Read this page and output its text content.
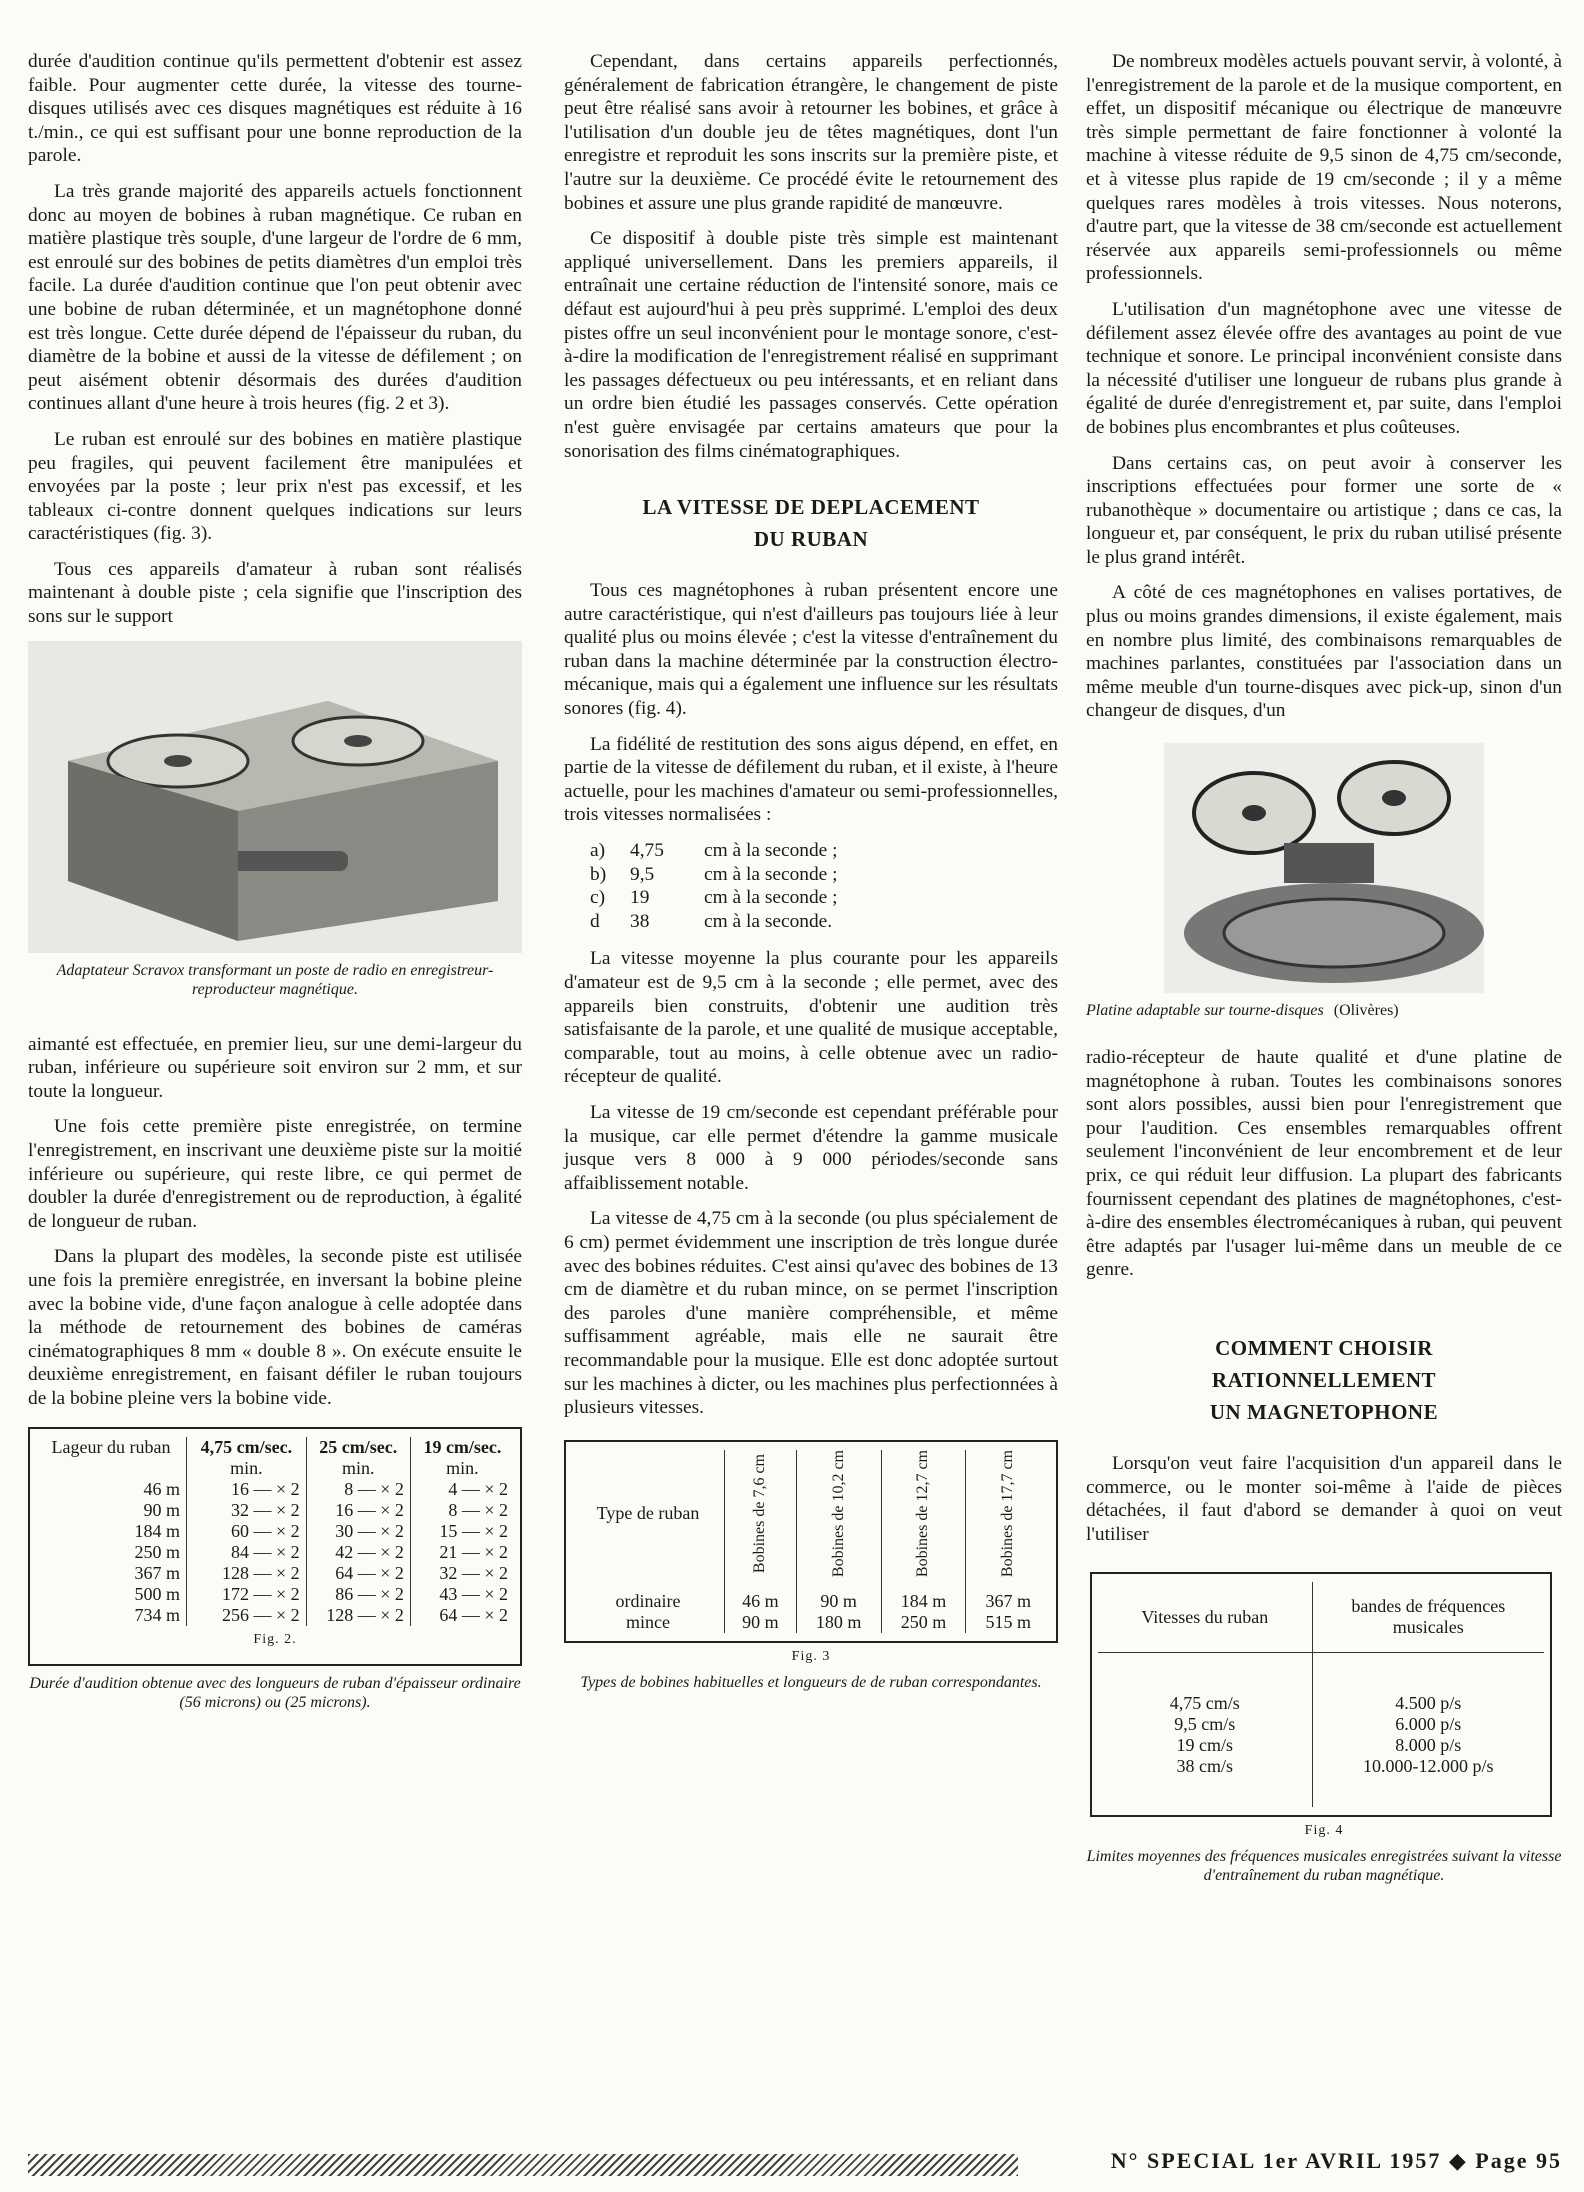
durée d'audition continue qu'ils permettent d'obtenir est assez faible. Pour augmenter cette durée, la vitesse des tourne-disques utilisés avec ces disques magnétiques est réduite à 16 t./min., ce qui est suffisant pour une bonne reproduction de la parole.

La très grande majorité des appareils actuels fonctionnent donc au moyen de bobines à ruban magnétique. Ce ruban en matière plastique très souple, d'une largeur de l'ordre de 6 mm, est enroulé sur des bobines de petits diamètres d'un emploi très facile. La durée d'audition continue que l'on peut obtenir avec une bobine de ruban déterminée, et un magnétophone donné est très longue. Cette durée dépend de l'épaisseur du ruban, du diamètre de la bobine et aussi de la vitesse de défilement ; on peut aisément obtenir désormais des durées d'audition continues allant d'une heure à trois heures (fig. 2 et 3).

Le ruban est enroulé sur des bobines en matière plastique peu fragiles, qui peuvent facilement être manipulées et envoyées par la poste ; leur prix n'est pas excessif, et les tableaux ci-contre donnent quelques indications sur leurs caractéristiques (fig. 3).

Tous ces appareils d'amateur à ruban sont réalisés maintenant à double piste ; cela signifie que l'inscription des sons sur le support

Adaptateur Scravox transformant un poste de radio en enregistreur-reproducteur magnétique.

aimanté est effectuée, en premier lieu, sur une demi-largeur du ruban, inférieure ou supérieure soit environ sur 2 mm, et sur toute la longueur.

Une fois cette première piste enregistrée, on termine l'enregistrement, en inscrivant une deuxième piste sur la moitié inférieure ou supérieure, qui reste libre, ce qui permet de doubler la durée d'enregistrement ou de reproduction, à égalité de longueur de ruban.

Dans la plupart des modèles, la seconde piste est utilisée une fois la première enregistrée, en inversant la bobine pleine avec la bobine vide, d'une façon analogue à celle adoptée dans la méthode de retournement des bobines de caméras cinématographiques 8 mm « double 8 ». On exécute ensuite le deuxième enregistrement, en faisant défiler le ruban toujours de la bobine pleine vers la bobine vide.

Lageur du ruban	4,75 cm/sec.	25 cm/sec.	19 cm/sec.
	min.	min.	min.
46 m	16 — × 2	8 — × 2	4 — × 2
90 m	32 — × 2	16 — × 2	8 — × 2
184 m	60 — × 2	30 — × 2	15 — × 2
250 m	84 — × 2	42 — × 2	21 — × 2
367 m	128 — × 2	64 — × 2	32 — × 2
500 m	172 — × 2	86 — × 2	43 — × 2
734 m	256 — × 2	128 — × 2	64 — × 2
Fig. 2.
Durée d'audition obtenue avec des longueurs de ruban d'épaisseur ordinaire (56 microns) ou (25 microns).

Cependant, dans certains appareils perfectionnés, généralement de fabrication étrangère, le changement de piste peut être réalisé sans avoir à retourner les bobines, et grâce à l'utilisation d'un double jeu de têtes magnétiques, dont l'un enregistre et reproduit les sons inscrits sur la première piste, et l'autre sur la deuxième. Ce procédé évite le retournement des bobines et assure une plus grande rapidité de manœuvre.

Ce dispositif à double piste très simple est maintenant appliqué universellement. Dans les premiers appareils, il entraînait une certaine réduction de l'intensité sonore, mais ce défaut est aujourd'hui à peu près supprimé. L'emploi des deux pistes offre un seul inconvénient pour le montage sonore, c'est-à-dire la modification de l'enregistrement réalisé en supprimant les passages défectueux ou peu intéressants, et en reliant dans un ordre bien étudié les passages conservés. Cette opération n'est guère envisagée par certains amateurs que pour la sonorisation des films cinématographiques.

LA VITESSE DE DEPLACEMENT
DU RUBAN

Tous ces magnétophones à ruban présentent encore une autre caractéristique, qui n'est d'ailleurs pas toujours liée à leur qualité plus ou moins élevée ; c'est la vitesse d'entraînement du ruban dans la machine déterminée par la construction électro-mécanique, mais qui a également une influence sur les résultats sonores (fig. 4).

La fidélité de restitution des sons aigus dépend, en effet, en partie de la vitesse de défilement du ruban, et il existe, à l'heure actuelle, pour les machines d'amateur ou semi-professionnelles, trois vitesses normalisées :

a)	4,75	cm à la seconde ;
b)	9,5	cm à la seconde ;
c)	19	cm à la seconde ;
d	38	cm à la seconde.

La vitesse moyenne la plus courante pour les appareils d'amateur est de 9,5 cm à la seconde ; elle permet, avec des appareils bien construits, d'obtenir une audition très satisfaisante de la parole, et une qualité de musique acceptable, comparable, tout au moins, à celle obtenue avec un radio-récepteur de qualité.

La vitesse de 19 cm/seconde est cependant préférable pour la musique, car elle permet d'étendre la gamme musicale jusque vers 8 000 à 9 000 périodes/seconde sans affaiblissement notable.

La vitesse de 4,75 cm à la seconde (ou plus spécialement de 6 cm) permet évidemment une inscription de très longue durée avec des bobines réduites. C'est ainsi qu'avec des bobines de 13 cm de diamètre et du ruban mince, on se permet l'inscription des paroles d'une manière compréhensible, et même suffisamment agréable, mais elle ne saurait être recommandable pour la musique. Elle est donc adoptée surtout sur les machines à dicter, ou les machines plus perfectionnées à plusieurs vitesses.

Type de ruban	Bobines de 7,6 cm	Bobines de 10,2 cm	Bobines de 12,7 cm	Bobines de 17,7 cm

ordinaire	46 m	90 m	184 m	367 m
mince	90 m	180 m	250 m	515 m
Fig. 3
Types de bobines habituelles et longueurs de de ruban correspondantes.

De nombreux modèles actuels pouvant servir, à volonté, à l'enregistrement de la parole et de la musique comportent, en effet, un dispositif mécanique ou électrique de manœuvre très simple permettant de faire fonctionner à volonté la machine à vitesse réduite de 9,5 sinon de 4,75 cm/seconde, et à vitesse plus rapide de 19 cm/seconde ; il y a même quelques rares modèles à trois vitesses. Nous noterons, d'autre part, que la vitesse de 38 cm/seconde est actuellement réservée aux appareils semi-professionnels ou même professionnels.

L'utilisation d'un magnétophone avec une vitesse de défilement assez élevée offre des avantages au point de vue technique et sonore. Le principal inconvénient consiste dans la nécessité d'utiliser une longueur de rubans plus grande à égalité de durée d'enregistrement et, par suite, dans l'emploi de bobines plus encombrantes et plus coûteuses.

Dans certains cas, on peut avoir à conserver les inscriptions effectuées pour former une sorte de « rubanothèque » documentaire ou artistique ; dans ce cas, la longueur et, par conséquent, le prix du ruban utilisé présente le plus grand intérêt.

A côté de ces magnétophones en valises portatives, de plus ou moins grandes dimensions, il existe également, mais en nombre plus limité, des combinaisons remarquables de machines parlantes, constituées par l'association dans un même meuble d'un tourne-disques avec pick-up, sinon d'un changeur de disques, d'un

Platine adaptable sur tourne-disques (Olivères)

radio-récepteur de haute qualité et d'une platine de magnétophone à ruban. Toutes les combinaisons sonores sont alors possibles, aussi bien pour l'enregistrement que pour l'audition. Ces ensembles remarquables offrent seulement l'inconvénient de leur encombrement et de leur prix, ce qui réduit leur diffusion. La plupart des fabricants fournissent cependant des platines de magnétophones, c'est-à-dire des ensembles électromécaniques à ruban, qui peuvent être adaptés par l'usager lui-même dans un meuble de ce genre.

COMMENT CHOISIR
RATIONNELLEMENT
UN MAGNETOPHONE

Lorsqu'on veut faire l'acquisition d'un appareil dans le commerce, ou le monter soi-même à l'aide de pièces détachées, il faut d'abord se demander à quoi on veut l'utiliser

Vitesses du ruban	bandes de fréquences musicales
4,75 cm/s	4.500 p/s
9,5 cm/s	6.000 p/s
19 cm/s	8.000 p/s
38 cm/s	10.000-12.000 p/s
Fig. 4
Limites moyennes des fréquences musicales enregistrées suivant la vitesse d'entraînement du ruban magnétique.
N° SPECIAL 1er AVRIL 1957 ◆ Page 95
